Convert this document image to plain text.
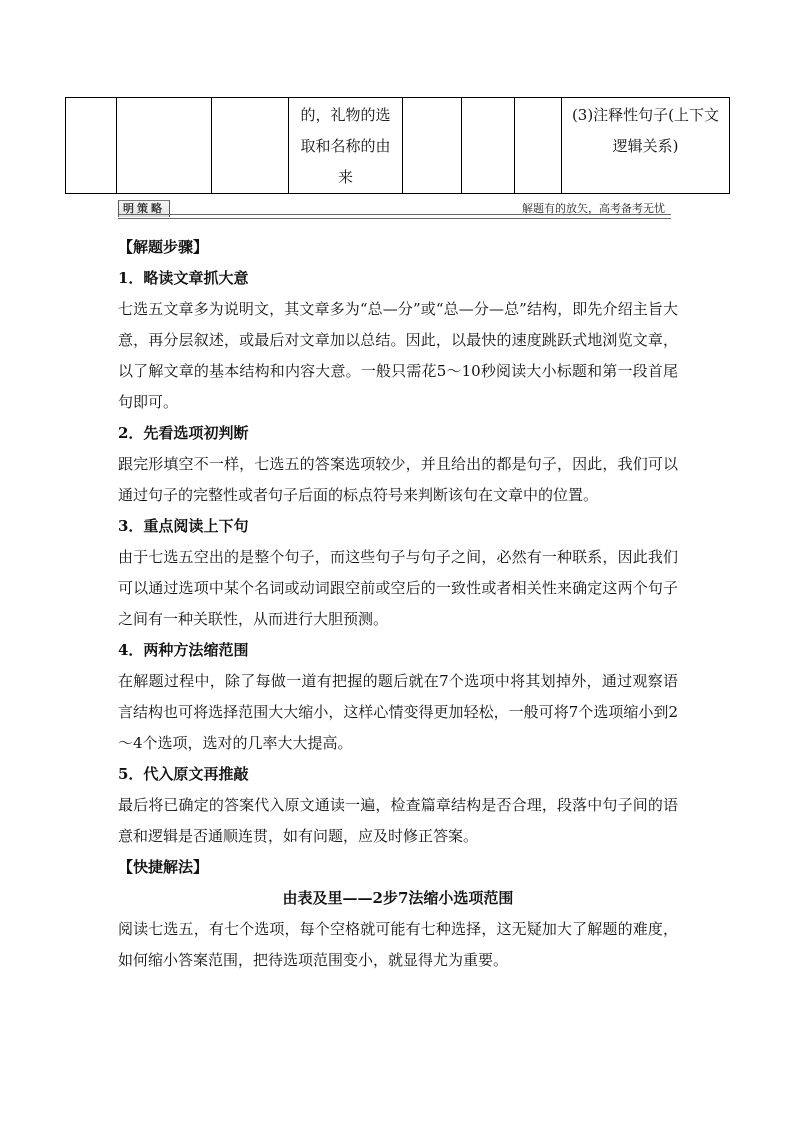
的，礼物的选
取和名称的由
来

(3)注释性句子(上下文
逻辑关系)
明策略	解题有的放矢，高考备考无忧

【解题步骤】

1．略读文章抓大意

七选五文章多为说明文，其文章多为“总—分”或“总—分—总”结构，即先介绍主旨大意，再分层叙述，或最后对文章加以总结。因此，以最快的速度跳跃式地浏览文章，以了解文章的基本结构和内容大意。一般只需花5～10秒阅读大小标题和第一段首尾句即可。

2．先看选项初判断

跟完形填空不一样，七选五的答案选项较少，并且给出的都是句子，因此，我们可以通过句子的完整性或者句子后面的标点符号来判断该句在文章中的位置。

3．重点阅读上下句

由于七选五空出的是整个句子，而这些句子与句子之间，必然有一种联系，因此我们可以通过选项中某个名词或动词跟空前或空后的一致性或者相关性来确定这两个句子之间有一种关联性，从而进行大胆预测。

4．两种方法缩范围

在解题过程中，除了每做一道有把握的题后就在7个选项中将其划掉外，通过观察语言结构也可将选择范围大大缩小，这样心情变得更加轻松，一般可将7个选项缩小到2～4个选项，选对的几率大大提高。

5．代入原文再推敲

最后将已确定的答案代入原文通读一遍，检查篇章结构是否合理，段落中句子间的语意和逻辑是否通顺连贯，如有问题，应及时修正答案。

【快捷解法】

由表及里——2步7法缩小选项范围

阅读七选五，有七个选项，每个空格就可能有七种选择，这无疑加大了解题的难度，如何缩小答案范围，把待选项范围变小，就显得尤为重要。
